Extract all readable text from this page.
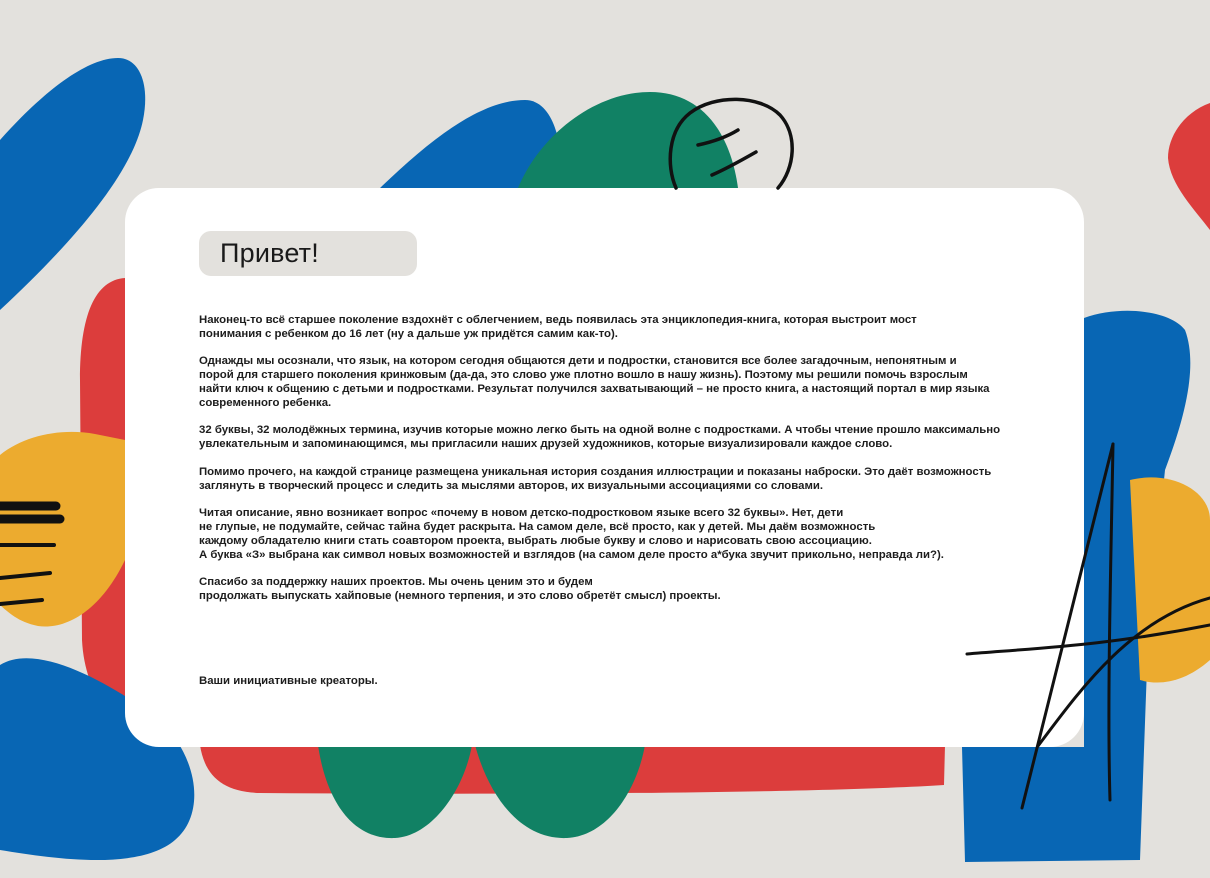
Привет!

Наконец-то всё старшее поколение вздохнёт с облегчением, ведь появилась эта энциклопедия-книга, которая выстроит мост
понимания с ребенком до 16 лет (ну а дальше уж придётся самим как-то).

Однажды мы осознали, что язык, на котором сегодня общаются дети и подростки, становится все более загадочным, непонятным и
порой для старшего поколения кринжовым (да-да, это слово уже плотно вошло в нашу жизнь). Поэтому мы решили помочь взрослым
найти ключ к общению с детьми и подростками. Результат получился захватывающий – не просто книга, а настоящий портал в мир языка
современного ребенка.

32 буквы, 32 молодёжных термина, изучив которые можно легко быть на одной волне с подростками. А чтобы чтение прошло максимально
увлекательным и запоминающимся, мы пригласили наших друзей художников, которые визуализировали каждое слово.

Помимо прочего, на каждой странице размещена уникальная история создания иллюстрации и показаны наброски. Это даёт возможность
заглянуть в творческий процесс и следить за мыслями авторов, их визуальными ассоциациями со словами.

Читая описание, явно возникает вопрос «почему в новом детско-подростковом языке всего 32 буквы». Нет, дети
не глупые, не подумайте, сейчас тайна будет раскрыта. На самом деле, всё просто, как у детей. Мы даём возможность
каждому обладателю книги стать соавтором проекта, выбрать любые букву и слово и нарисовать свою ассоциацию.
А буква «З» выбрана как символ новых возможностей и взглядов (на самом деле просто а*бука звучит прикольно, неправда ли?).

Спасибо за поддержку наших проектов. Мы очень ценим это и будем
продолжать выпускать хайповые (немного терпения, и это слово обретёт смысл) проекты.

Ваши инициативные креаторы.
